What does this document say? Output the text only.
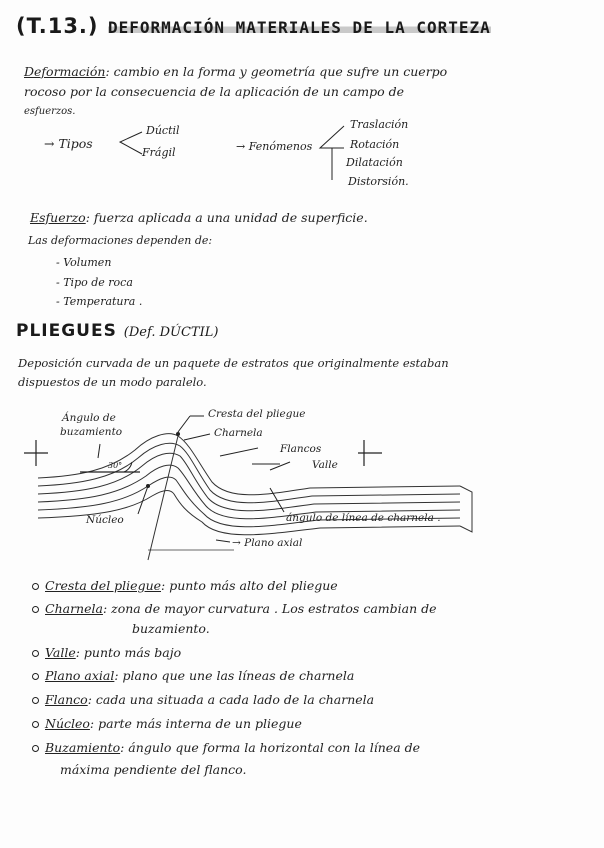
(T.13.) DEFORMACIÓN MATERIALES DE LA CORTEZA
Deformación: cambio en la forma y geometría que sufre un cuerpo
rocoso por la consecuencia de la aplicación de un campo de
esfuerzos.
→ Tipos
Dúctil
Frágil	→ Fenómenos
Traslación
Rotación
Dilatación
Distorsión.
Esfuerzo: fuerza aplicada a una unidad de superficie.
Las deformaciones dependen de:
- Volumen
- Tipo de roca
- Temperatura .
PLIEGUES (Def. DÚCTIL)
Deposición curvada de un paquete de estratos que originalmente estaban
dispuestos de un modo paralelo.
30°
Ángulo de
buzamiento
Cresta del pliegue
Charnela
Flancos
Valle
Núcleo	ángulo de línea de charnela .
→ Plano axial
Cresta del pliegue: punto más alto del pliegue
Charnela: zona de mayor curvatura . Los estratos cambian de
buzamiento.
Valle: punto más bajo
Plano axial: plano que une las líneas de charnela
Flanco: cada una situada a cada lado de la charnela
Núcleo: parte más interna de un pliegue
Buzamiento: ángulo que forma la horizontal con la línea de
máxima pendiente del flanco.
